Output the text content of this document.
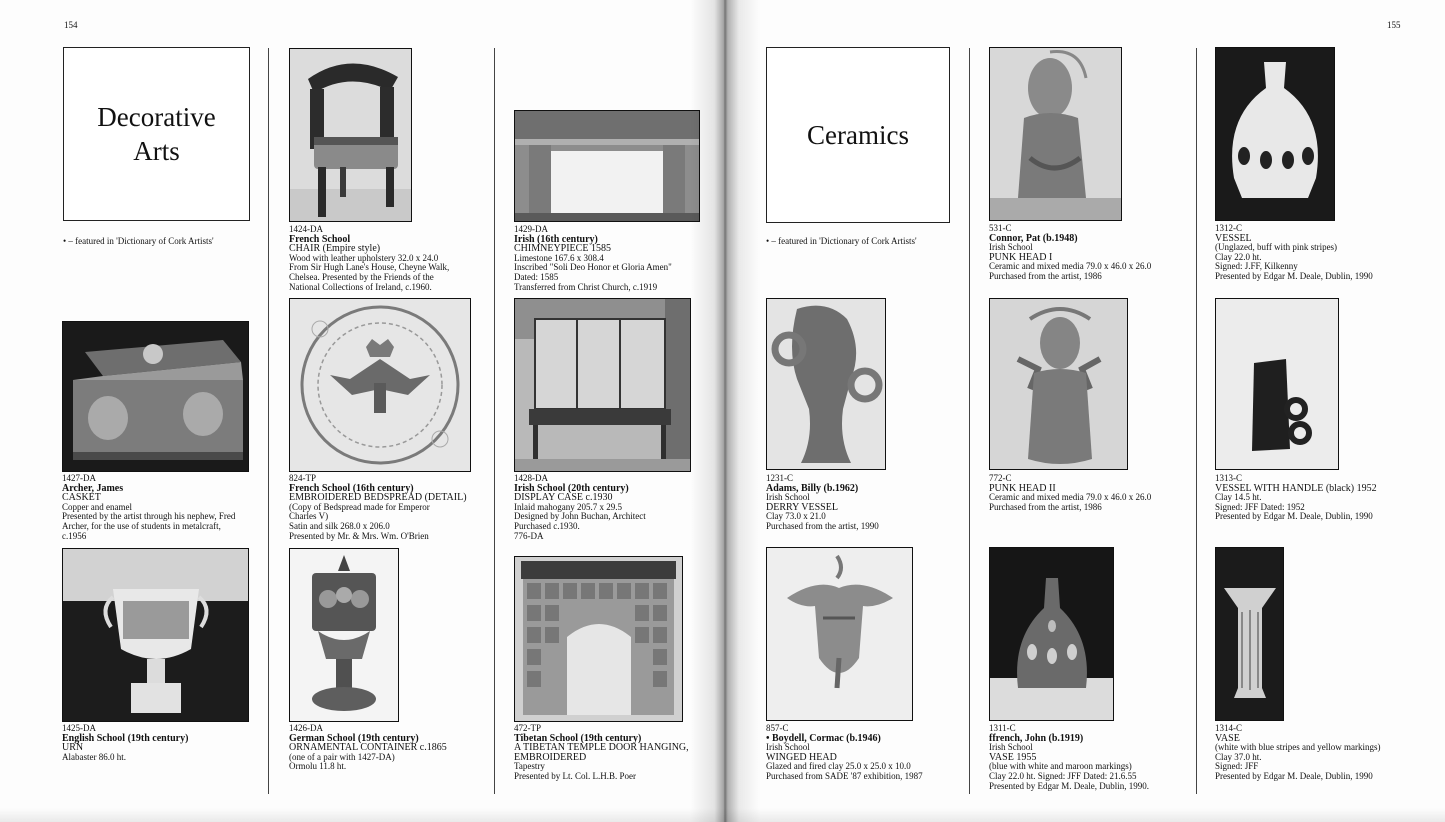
154
Decorative
Arts
• – featured in 'Dictionary of Cork Artists'
1424-DA
French School
CHAIR (Empire style)
Wood with leather upholstery 32.0 x 24.0
From Sir Hugh Lane's House, Cheyne Walk,
Chelsea. Presented by the Friends of the
National Collections of Ireland, c.1960.
1429-DA
Irish (16th century)
CHIMNEYPIECE 1585
Limestone 167.6 x 308.4
Inscribed "Soli Deo Honor et Gloria Amen"
Dated: 1585
Transferred from Christ Church, c.1919
1427-DA
Archer, James
CASKET
Copper and enamel
Presented by the artist through his nephew, Fred
Archer, for the use of students in metalcraft,
c.1956
824-TP
French School (16th century)
EMBROIDERED BEDSPREAD (DETAIL)
(Copy of Bedspread made for Emperor
Charles V)
Satin and silk 268.0 x 206.0
Presented by Mr. & Mrs. Wm. O'Brien
1428-DA
Irish School (20th century)
DISPLAY CASE c.1930
Inlaid mahogany 205.7 x 29.5
Designed by John Buchan, Architect
Purchased c.1930.
776-DA
1425-DA
English School (19th century)
URN
Alabaster 86.0 ht.
1426-DA
German School (19th century)
ORNAMENTAL CONTAINER c.1865
(one of a pair with 1427-DA)
Ormolu 11.8 ht.
472-TP
Tibetan School (19th century)
A TIBETAN TEMPLE DOOR HANGING,
EMBROIDERED
Tapestry
Presented by Lt. Col. L.H.B. Poer
155
Ceramics
• – featured in 'Dictionary of Cork Artists'
531-C
Connor, Pat (b.1948)
Irish School
PUNK HEAD I
Ceramic and mixed media 79.0 x 46.0 x 26.0
Purchased from the artist, 1986
1312-C
VESSEL
(Unglazed, buff with pink stripes)
Clay 22.0 ht.
Signed: J.FF, Kilkenny
Presented by Edgar M. Deale, Dublin, 1990
1231-C
Adams, Billy (b.1962)
Irish School
DERRY VESSEL
Clay 73.0 x 21.0
Purchased from the artist, 1990
772-C
PUNK HEAD II
Ceramic and mixed media 79.0 x 46.0 x 26.0
Purchased from the artist, 1986
1313-C
VESSEL WITH HANDLE (black) 1952
Clay 14.5 ht.
Signed: JFF Dated: 1952
Presented by Edgar M. Deale, Dublin, 1990
857-C
• Boydell, Cormac (b.1946)
Irish School
WINGED HEAD
Glazed and fired clay 25.0 x 25.0 x 10.0
Purchased from SADE '87 exhibition, 1987
1311-C
ffrench, John (b.1919)
Irish School
VASE 1955
(blue with white and maroon markings)
Clay 22.0 ht. Signed: JFF Dated: 21.6.55
Presented by Edgar M. Deale, Dublin, 1990.
1314-C
VASE
(white with blue stripes and yellow markings)
Clay 37.0 ht.
Signed: JFF
Presented by Edgar M. Deale, Dublin, 1990
